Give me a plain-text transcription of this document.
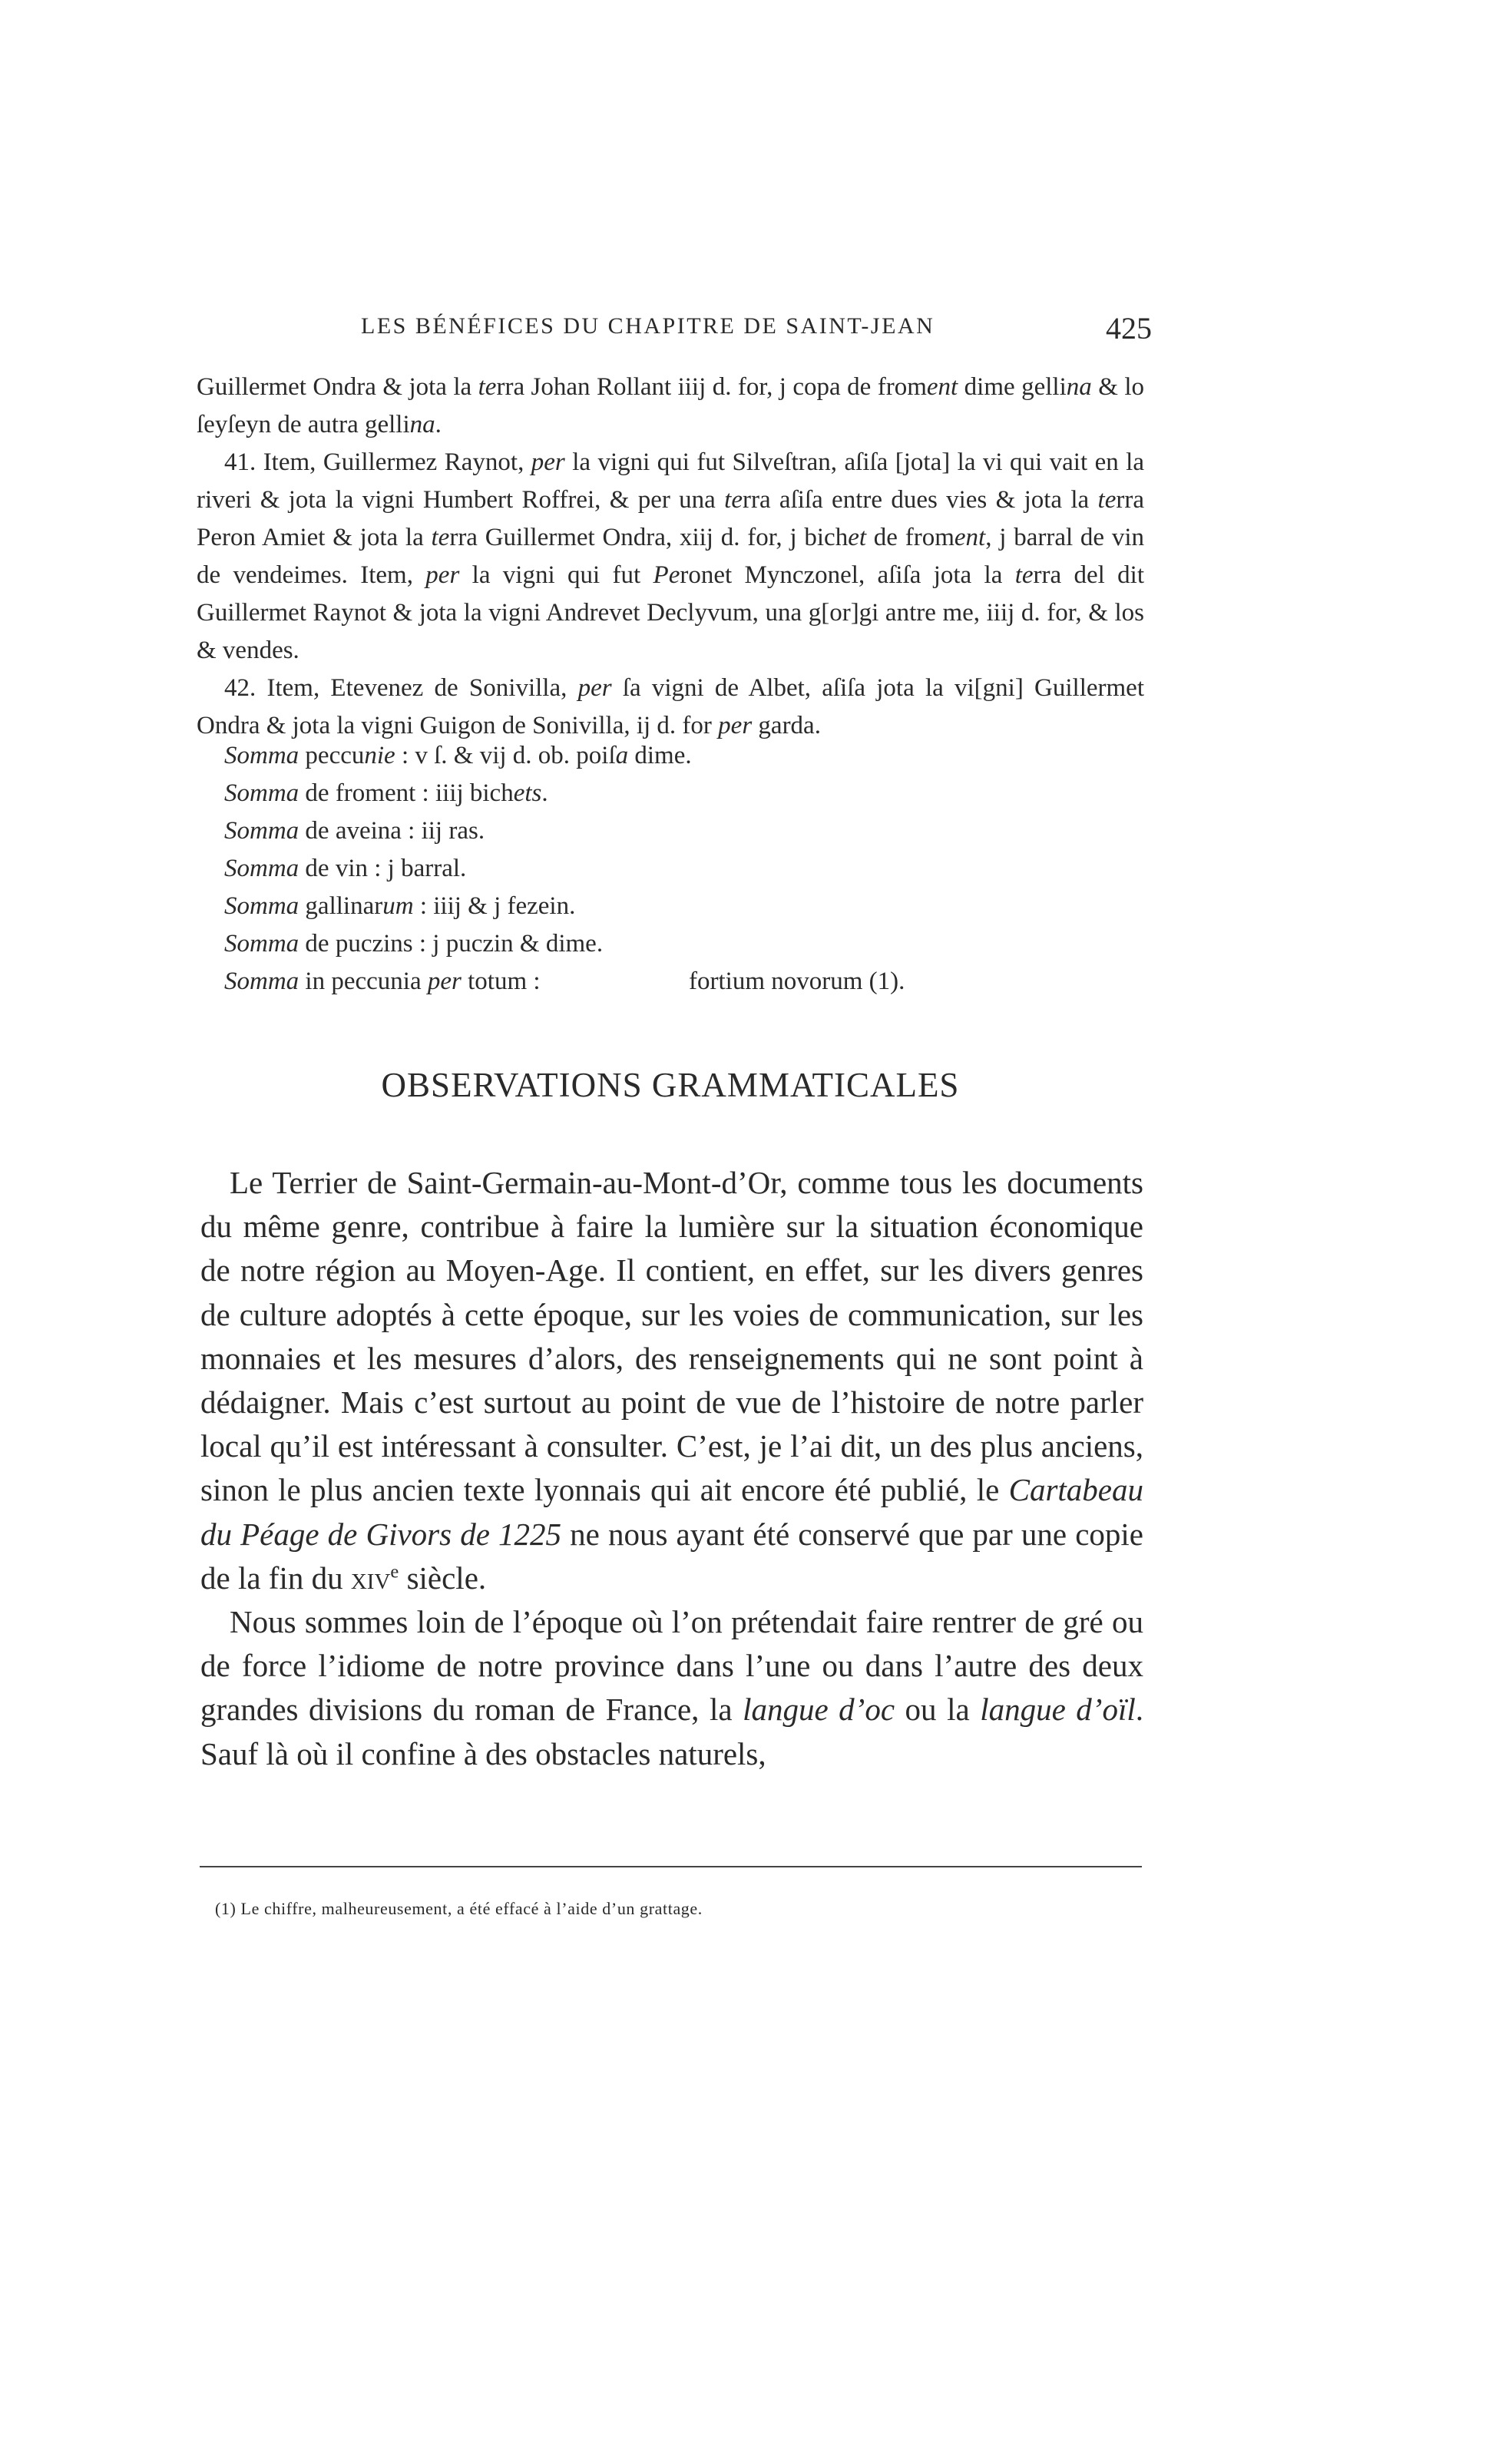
LES BÉNÉFICES DU CHAPITRE DE SAINT-JEAN	425

Guillermet Ondra & jota la terra Johan Rollant iiij d. for, j copa de froment dime gellina & lo ſeyſeyn de autra gellina.

41. Item, Guillermez Raynot, per la vigni qui fut Silveſtran, aſiſa [jota] la vi qui vait en la riveri & jota la vigni Humbert Roffrei, & per una terra aſiſa entre dues vies & jota la terra Peron Amiet & jota la terra Guillermet Ondra, xiij d. for, j bichet de froment, j barral de vin de vendeimes. Item, per la vigni qui fut Peronet Mynczonel, aſiſa jota la terra del dit Guillermet Raynot & jota la vigni Andrevet Declyvum, una g[or]gi antre me, iiij d. for, & los & vendes.

42. Item, Etevenez de Sonivilla, per ſa vigni de Albet, aſiſa jota la vi[gni] Guillermet Ondra & jota la vigni Guigon de Sonivilla, ij d. for per garda.

Somma peccunie : v ſ. & vij d. ob. poiſa dime.
Somma de froment : iiij bichets.
Somma de aveina : iij ras.
Somma de vin : j barral.
Somma gallinarum : iiij & j fezein.
Somma de puczins : j puczin & dime.
Somma in peccunia per totum :	fortium novorum (1).
OBSERVATIONS GRAMMATICALES

Le Terrier de Saint-Germain-au-Mont-d’Or, comme tous les documents du même genre, contribue à faire la lumière sur la situation économique de notre région au Moyen-Age. Il contient, en effet, sur les divers genres de culture adoptés à cette époque, sur les voies de communication, sur les monnaies et les mesures d’alors, des renseignements qui ne sont point à dédaigner. Mais c’est surtout au point de vue de l’histoire de notre parler local qu’il est intéressant à consulter. C’est, je l’ai dit, un des plus anciens, sinon le plus ancien texte lyonnais qui ait encore été publié, le Cartabeau du Péage de Givors de 1225 ne nous ayant été conservé que par une copie de la fin du xiv$^e$ siècle.

Nous sommes loin de l’époque où l’on prétendait faire rentrer de gré ou de force l’idiome de notre province dans l’une ou dans l’autre des deux grandes divisions du roman de France, la langue d’oc ou la langue d’oïl. Sauf là où il confine à des obstacles naturels,

(1) Le chiffre, malheureusement, a été effacé à l’aide d’un grattage.
